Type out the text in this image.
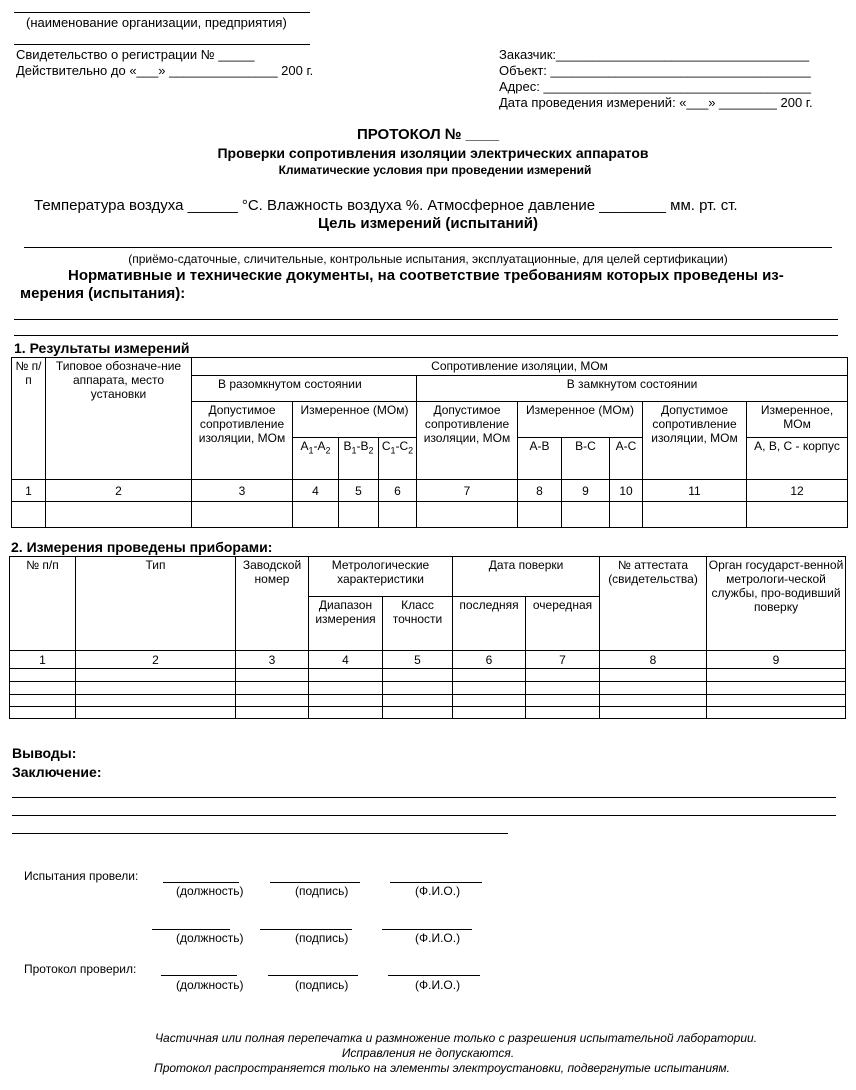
(наименование организации, предприятия)
Свидетельство о регистрации № _____
Действительно до «___» _______________ 200 г.
Заказчик:___________________________________
Объект: ____________________________________
Адрес: _____________________________________
Дата проведения измерений: «___» ________ 200 г.
ПРОТОКОЛ № ____
Проверки сопротивления изоляции электрических аппаратов
Климатические условия при проведении измерений
Температура воздуха ______ °С. Влажность воздуха %. Атмосферное давление ________ мм. рт. ст.
Цель измерений (испытаний)
(приёмо-сдаточные, сличительные, контрольные испытания, эксплуатационные, для целей сертификации)
Нормативные и технические документы, на соответствие требованиям которых проведены из-
мерения (испытания):
1. Результаты измерений
№ п/п	Типовое обозначе-ние аппарата, место установки	Сопротивление изоляции, МОм									
		В разомкнутом состоянии				В замкнутом состоянии					
		Допустимое сопротивление изоляции, МОм	Измеренное (МОм)			Допустимое сопротивление изоляции, МОм	Измеренное (МОм)			Допустимое сопротивление изоляции, МОм	Измеренное, МОм
			$A_1-A_2$	$B_1-B_2$	$C_1-C_2$		А-В	В-С	А-С		А, В, С - корпус
1	2	3	4	5	6	7	8	9	10	11	12

2. Измерения проведены приборами:
№ п/п	Тип	Заводской номер	Метрологические характеристики		Дата поверки		№ аттестата (свидетельства)	Орган государст-венной метрологи-ческой службы, про-водивший поверку
			Диапазон измерения	Класс точности	последняя	очередная		
1	2	3	4	5	6	7	8	9

Выводы:
Заключение:
Испытания провели:
(должность)	(подпись)	(Ф.И.О.)
(должность)	(подпись)	(Ф.И.О.)
Протокол проверил:
(должность)	(подпись)	(Ф.И.О.)
Частичная или полная перепечатка и размножение только с разрешения испытательной лаборатории.
Исправления не допускаются.
Протокол распространяется только на элементы электроустановки, подвергнутые испытаниям.
